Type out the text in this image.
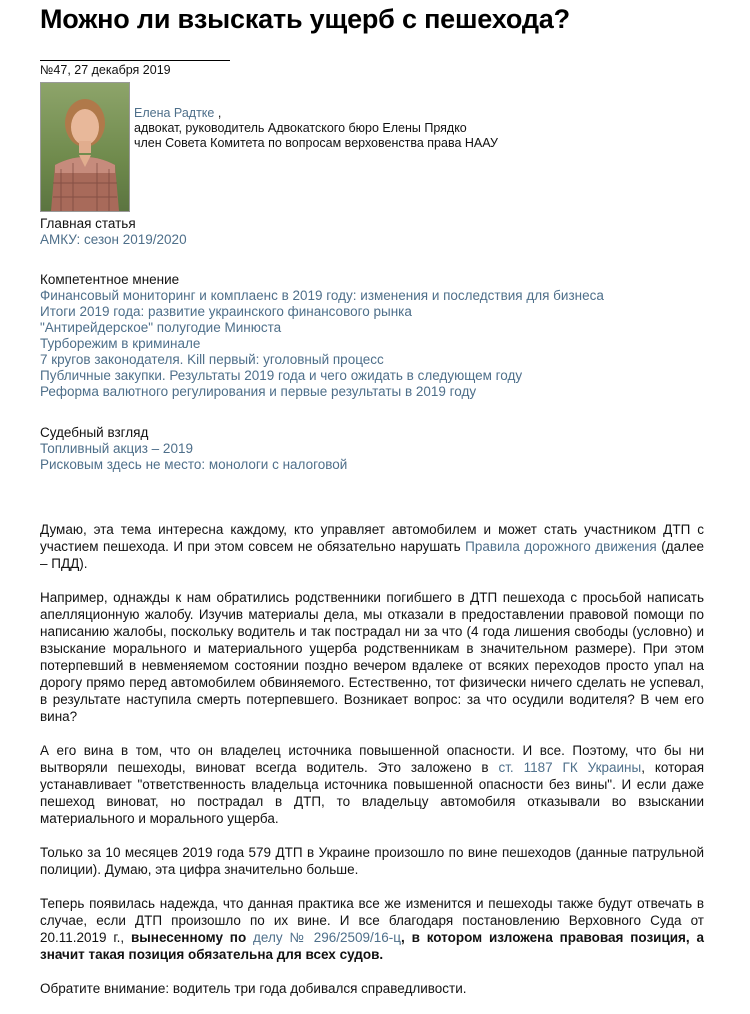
Можно ли взыскать ущерб с пешехода?
№47, 27 декабря 2019
Елена Радтке ,
адвокат, руководитель Адвокатского бюро Елены Прядко
член Совета Комитета по вопросам верховенства права НААУ
Главная статья
АМКУ: сезон 2019/2020
Компетентное мнение
Финансовый мониторинг и комплаенс в 2019 году: изменения и последствия для бизнеса
Итоги 2019 года: развитие украинского финансового рынка
"Антирейдерское" полугодие Минюста
Турборежим в криминале
7 кругов законодателя. Kill первый: уголовный процесс
Публичные закупки. Результаты 2019 года и чего ожидать в следующем году
Реформа валютного регулирования и первые результаты в 2019 году
Судебный взгляд
Топливный акциз – 2019
Рисковым здесь не место: монологи с налоговой

Думаю, эта тема интересна каждому, кто управляет автомобилем и может стать участником ДТП с участием пешехода. И при этом совсем не обязательно нарушать Правила дорожного движения (далее – ПДД).

Например, однажды к нам обратились родственники погибшего в ДТП пешехода с просьбой написать апелляционную жалобу. Изучив материалы дела, мы отказали в предоставлении правовой помощи по написанию жалобы, поскольку водитель и так пострадал ни за что (4 года лишения свободы (условно) и взыскание морального и материального ущерба родственникам в значительном размере). При этом потерпевший в невменяемом состоянии поздно вечером вдалеке от всяких переходов просто упал на дорогу прямо перед автомобилем обвиняемого. Естественно, тот физически ничего сделать не успевал, в результате наступила смерть потерпевшего. Возникает вопрос: за что осудили водителя? В чем его вина?

А его вина в том, что он владелец источника повышенной опасности. И все. Поэтому, что бы ни вытворяли пешеходы, виноват всегда водитель. Это заложено в ст. 1187 ГК Украины, которая устанавливает "ответственность владельца источника повышенной опасности без вины". И если даже пешеход виноват, но пострадал в ДТП, то владельцу автомобиля отказывали во взыскании материального и морального ущерба.

Только за 10 месяцев 2019 года 579 ДТП в Украине произошло по вине пешеходов (данные патрульной полиции). Думаю, эта цифра значительно больше.

Теперь появилась надежда, что данная практика все же изменится и пешеходы также будут отвечать в случае, если ДТП произошло по их вине. И все благодаря постановлению Верховного Суда от 20.11.2019 г., вынесенному по делу № 296/2509/16-ц, в котором изложена правовая позиция, а значит такая позиция обязательна для всех судов.

Обратите внимание: водитель три года добивался справедливости.
